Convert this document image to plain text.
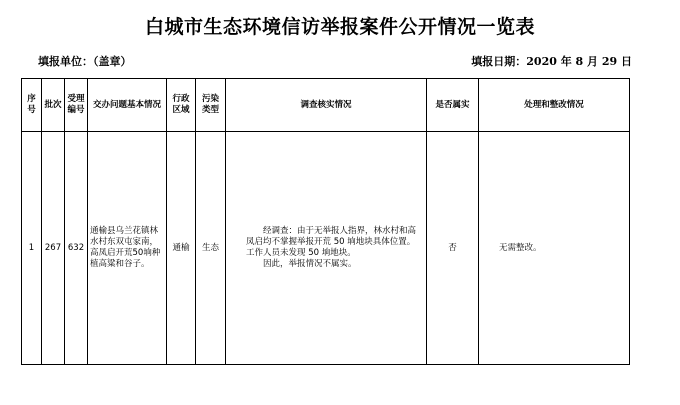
白城市生态环境信访举报案件公开情况一览表
填报单位：（盖章）	填报日期：2020 年 8 月 29 日
序号	批次	受理编号	交办问题基本情况	行政区域	污染类型	调查核实情况	是否属实	处理和整改情况
1	267	632	通榆县乌兰花镇林水村东双屯家南，高凤启开荒50垧种植高粱和谷子。	通榆	生态	经调查：由于无举报人指界，林水村和高凤启均不掌握举报开荒 50 垧地块具体位置。工作人员未发现 50 垧地块。
因此，举报情况不属实。	否	无需整改。
